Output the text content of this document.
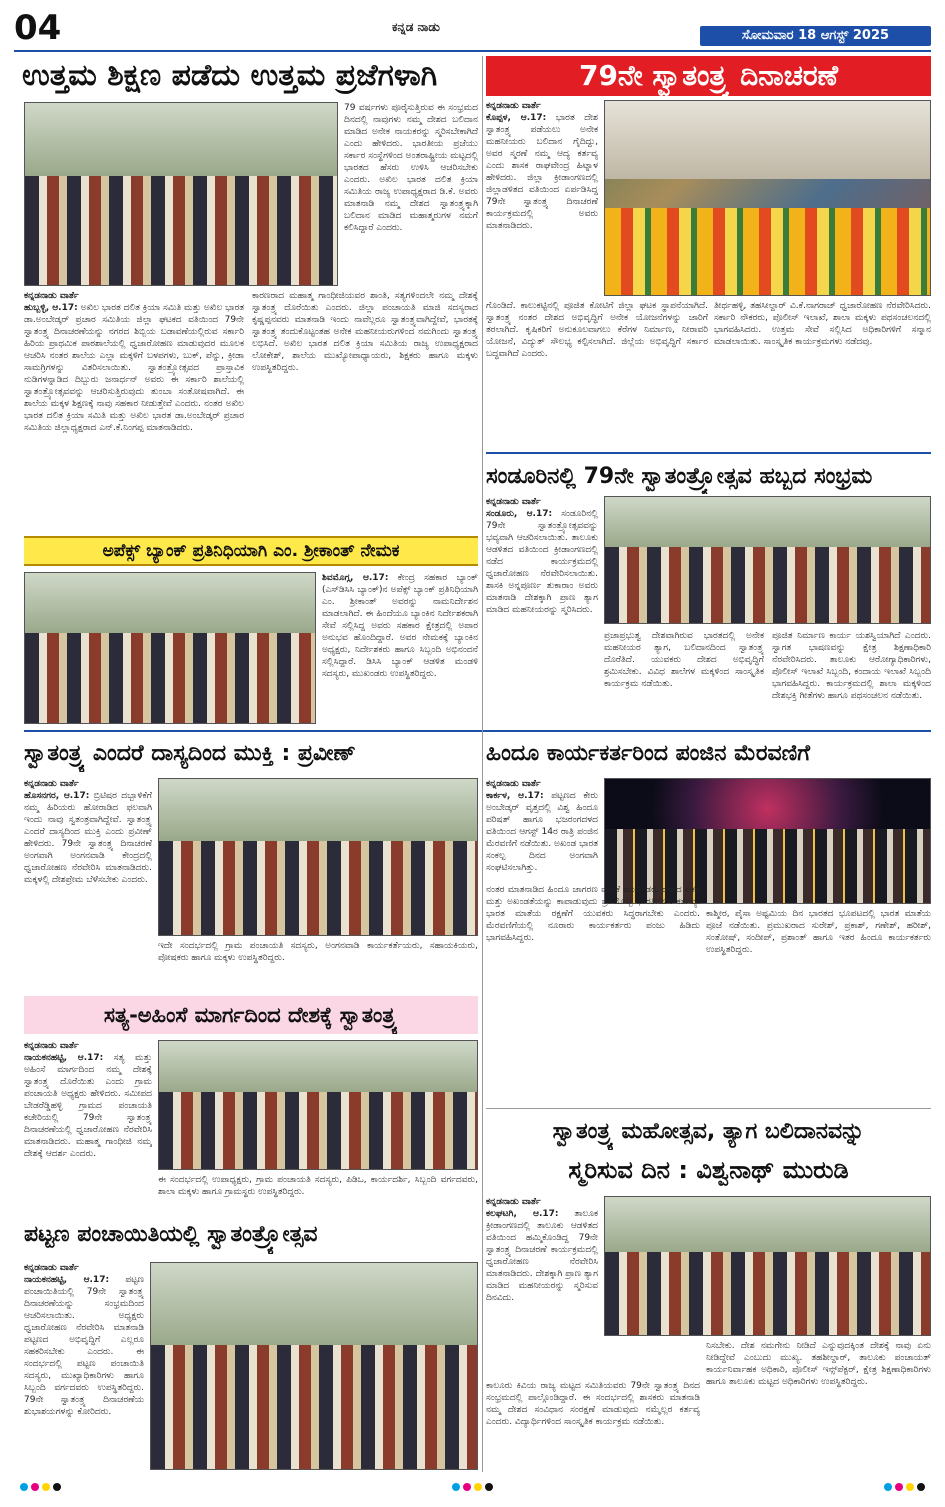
04	ಕನ್ನಡ ನಾಡು
ಸೋಮವಾರ 18 ಆಗಸ್ಟ್ 2025
ಉತ್ತಮ ಶಿಕ್ಷಣ ಪಡೆದು ಉತ್ತಮ ಪ್ರಜೆಗಳಾಗಿ
79 ವರ್ಷಗಳು ಪೂರೈಸುತ್ತಿರುವ ಈ ಸಂಭ್ರಮದ ದಿನದಲ್ಲಿ ನಾವುಗಳು ನಮ್ಮ ದೇಶದ ಬಲಿದಾನ ಮಾಡಿದ ಅನೇಕ ನಾಯಕರನ್ನು ಸ್ಮರಿಸಬೇಕಾಗಿದೆ ಎಂದು ಹೇಳಿದರು. ಭಾರತೀಯ ಪ್ರಜೆಯು ಸರ್ಕಾರ ಸಂಸ್ಥೆಗಳಿಂದ ಅಂತರಾಷ್ಟ್ರೀಯ ಮಟ್ಟದಲ್ಲಿ ಭಾರತದ ಹೆಸರು ಉಳಿಸಿ ಆಚರಿಸಬೇಕು ಎಂದರು. ಅಖಿಲ ಭಾರತ ದಲಿತ ಕ್ರಿಯಾ ಸಮಿತಿಯ ರಾಜ್ಯ ಉಪಾಧ್ಯಕ್ಷರಾದ ಡಿ.ಕೆ. ಅವರು ಮಾತನಾಡಿ ನಮ್ಮ ದೇಶದ ಸ್ವಾತಂತ್ರ್ಯಕ್ಕಾಗಿ ಬಲಿದಾನ ಮಾಡಿದ ಮಹಾತ್ಮರುಗಳ ನಮಗೆ ಕಲಿಸಿದ್ದಾರೆ ಎಂದರು.
ಕನ್ನಡನಾಡು ವಾರ್ತೆ
ಹುಬ್ಬಳ್ಳಿ, ಆ.17: ಅಖಿಲ ಭಾರತ ದಲಿತ ಕ್ರಿಯಾ ಸಮಿತಿ ಮತ್ತು ಅಖಿಲ ಭಾರತ ಡಾ.ಅಂಬೇಡ್ಕರ್ ಪ್ರಚಾರ ಸಮಿತಿಯ ಜಿಲ್ಲಾ ಘಟಕದ ವತಿಯಿಂದ 79ನೇ ಸ್ವಾತಂತ್ರ್ಯ ದಿನಾಚರಣೆಯನ್ನು ನಗರದ ಶಿಬ್ಬಿಯ ಬಡಾವಣೆಯಲ್ಲಿರುವ ಸರ್ಕಾರಿ ಹಿರಿಯ ಪ್ರಾಥಮಿಕ ಪಾಠಶಾಲೆಯಲ್ಲಿ ಧ್ವಜಾರೋಹಣ ಮಾಡುವುದರ ಮೂಲಕ ಆಚರಿಸಿ ನಂತರ ಶಾಲೆಯ ಎಲ್ಲಾ ಮಕ್ಕಳಿಗೆ ಬಳಪಗಳು, ಬುಕ್, ಪೆನ್ನು, ಕ್ರೀಡಾ ಸಾಮಗ್ರಿಗಳನ್ನು ವಿತರಿಸಲಾಯಿತು. ಸ್ವಾತಂತ್ರ್ಯೋತ್ಸವದ ಪ್ರಾಸ್ತಾವಿಕ ನುಡಿಗಳನ್ನಾಡಿದ ದಿಬ್ಬುರು ಜನಾರ್ಧನ್ ಅವರು ಈ ಸರ್ಕಾರಿ ಶಾಲೆಯಲ್ಲಿ ಸ್ವಾತಂತ್ರ್ಯೋತ್ಸವವನ್ನು ಆಚರಿಸುತ್ತಿರುವುದು ತುಂಬಾ ಸಂತೋಷವಾಗಿದೆ. ಈ ಶಾಲೆಯ ಮಕ್ಕಳ ಶಿಕ್ಷಣಕ್ಕೆ ನಾವು ಸಹಕಾರ ನೀಡುತ್ತೇವೆ ಎಂದರು. ನಂತರ ಅಖಿಲ ಭಾರತ ದಲಿತ ಕ್ರಿಯಾ ಸಮಿತಿ ಮತ್ತು ಅಖಿಲ ಭಾರತ ಡಾ.ಅಂಬೇಡ್ಕರ್ ಪ್ರಚಾರ ಸಮಿತಿಯ ಜಿಲ್ಲಾಧ್ಯಕ್ಷರಾದ ಎನ್.ಕೆ.ನಿಂಗಪ್ಪ ಮಾತನಾಡಿದರು.
ಕಾರಣರಾದ ಮಹಾತ್ಮ ಗಾಂಧೀಜಿಯವರ ಶಾಂತಿ, ಸತ್ಯಗಳಿಂದಲೇ ನಮ್ಮ ದೇಶಕ್ಕೆ ಸ್ವಾತಂತ್ರ್ಯ ದೊರೆಯಿತು ಎಂದರು. ಜಿಲ್ಲಾ ಪಂಚಾಯತಿ ಮಾಜಿ ಸದಸ್ಯರಾದ ಕೃಷ್ಣಪ್ಪನವರು ಮಾತನಾಡಿ ಇಂದು ನಾವೆಲ್ಲರೂ ಸ್ವಾತಂತ್ರ್ಯವಾಗಿದ್ದೇವೆ, ಭಾರತಕ್ಕೆ ಸ್ವಾತಂತ್ರ್ಯ ತಂದುಕೊಟ್ಟಂತಹ ಅನೇಕ ಮಹನೀಯರುಗಳಿಂದ ನಮಗಿಂದು ಸ್ವಾತಂತ್ರ್ಯ ಲಭಿಸಿದೆ. ಅಖಿಲ ಭಾರತ ದಲಿತ ಕ್ರಿಯಾ ಸಮಿತಿಯ ರಾಜ್ಯ ಉಪಾಧ್ಯಕ್ಷರಾದ ಲೋಕೇಶ್, ಶಾಲೆಯ ಮುಖ್ಯೋಪಾಧ್ಯಾಯರು, ಶಿಕ್ಷಕರು ಹಾಗೂ ಮಕ್ಕಳು ಉಪಸ್ಥಿತರಿದ್ದರು.
79ನೇ ಸ್ವಾತಂತ್ರ್ಯ ದಿನಾಚರಣೆ
ಕನ್ನಡನಾಡು ವಾರ್ತೆ
ಕೊಪ್ಪಳ, ಆ.17: ಭಾರತ ದೇಶ ಸ್ವಾತಂತ್ರ್ಯ ಪಡೆಯಲು ಅನೇಕ ಮಹನೀಯರು ಬಲಿದಾನ ಗೈದಿದ್ದು, ಅವರ ಸ್ಮರಣೆ ನಮ್ಮ ಆದ್ಯ ಕರ್ತವ್ಯ ಎಂದು ಶಾಸಕ ರಾಘವೇಂದ್ರ ಹಿಟ್ನಾಳ ಹೇಳಿದರು. ಜಿಲ್ಲಾ ಕ್ರೀಡಾಂಗಣದಲ್ಲಿ ಜಿಲ್ಲಾಡಳಿತದ ವತಿಯಿಂದ ಏರ್ಪಡಿಸಿದ್ದ 79ನೇ ಸ್ವಾತಂತ್ರ್ಯ ದಿನಾಚರಣೆ ಕಾರ್ಯಕ್ರಮದಲ್ಲಿ ಅವರು ಮಾತನಾಡಿದರು.
ಗೊಂಡಿದೆ. ಕಾಲುಕಟ್ಟಿನಲ್ಲಿ ಪೂಜಿತ ಕೋಟಿಗೆ ಜಿಲ್ಲಾ ಘಟಕ ಸ್ಥಾಪನೆಯಾಗಿದೆ. ಸ್ವಾತಂತ್ರ್ಯ ನಂತರ ದೇಶದ ಅಭಿವೃದ್ಧಿಗೆ ಅನೇಕ ಯೋಜನೆಗಳನ್ನು ಜಾರಿಗೆ ತರಲಾಗಿದೆ. ಕೃಷಿಕರಿಗೆ ಅನುಕೂಲವಾಗಲು ಕೆರೆಗಳ ನಿರ್ಮಾಣ, ನೀರಾವರಿ ಯೋಜನೆ, ವಿದ್ಯುತ್ ಸೌಲಭ್ಯ ಕಲ್ಪಿಸಲಾಗಿದೆ. ಜಿಲ್ಲೆಯ ಅಭಿವೃದ್ಧಿಗೆ ಸರ್ಕಾರ ಬದ್ಧವಾಗಿದೆ ಎಂದರು.
ತೀರ್ಥಹಳ್ಳಿ, ತಹಸೀಲ್ದಾರ್ ವಿ.ಕೆ.ನಾಗರಾಜ್ ಧ್ವಜಾರೋಹಣ ನೆರವೇರಿಸಿದರು. ಸರ್ಕಾರಿ ನೌಕರರು, ಪೊಲೀಸ್ ಇಲಾಖೆ, ಶಾಲಾ ಮಕ್ಕಳು ಪಥಸಂಚಲನದಲ್ಲಿ ಭಾಗವಹಿಸಿದರು. ಉತ್ತಮ ಸೇವೆ ಸಲ್ಲಿಸಿದ ಅಧಿಕಾರಿಗಳಿಗೆ ಸನ್ಮಾನ ಮಾಡಲಾಯಿತು. ಸಾಂಸ್ಕೃತಿಕ ಕಾರ್ಯಕ್ರಮಗಳು ನಡೆದವು.
ಸಂಡೂರಿನಲ್ಲಿ 79ನೇ ಸ್ವಾತಂತ್ರ್ಯೋತ್ಸವ ಹಬ್ಬದ ಸಂಭ್ರಮ
ಕನ್ನಡನಾಡು ವಾರ್ತೆ
ಸಂಡೂರು, ಆ.17: ಸಂಡೂರಿನಲ್ಲಿ 79ನೇ ಸ್ವಾತಂತ್ರ್ಯೋತ್ಸವವನ್ನು ಭವ್ಯವಾಗಿ ಆಚರಿಸಲಾಯಿತು. ತಾಲೂಕು ಆಡಳಿತದ ವತಿಯಿಂದ ಕ್ರೀಡಾಂಗಣದಲ್ಲಿ ನಡೆದ ಕಾರ್ಯಕ್ರಮದಲ್ಲಿ ಧ್ವಜಾರೋಹಣ ನೆರವೇರಿಸಲಾಯಿತು. ಶಾಸಕಿ ಅನ್ನಪೂರ್ಣ ತುಕಾರಾಂ ಅವರು ಮಾತನಾಡಿ ದೇಶಕ್ಕಾಗಿ ಪ್ರಾಣ ತ್ಯಾಗ ಮಾಡಿದ ಮಹನೀಯರನ್ನು ಸ್ಮರಿಸಿದರು.
ಪ್ರಜಾಪ್ರಭುತ್ವ ದೇಶವಾಗಿರುವ ಭಾರತದಲ್ಲಿ ಅನೇಕ ಮಹನೀಯರ ತ್ಯಾಗ, ಬಲಿದಾನದಿಂದ ಸ್ವಾತಂತ್ರ್ಯ ದೊರೆತಿದೆ. ಯುವಕರು ದೇಶದ ಅಭಿವೃದ್ಧಿಗೆ ಶ್ರಮಿಸಬೇಕು. ವಿವಿಧ ಶಾಲೆಗಳ ಮಕ್ಕಳಿಂದ ಸಾಂಸ್ಕೃತಿಕ ಕಾರ್ಯಕ್ರಮ ನಡೆಯಿತು.
ಪೂಜಿತ ನಿರ್ಮಾಣ ಕಾರ್ಯ ಯಶಸ್ವಿಯಾಗಿದೆ ಎಂದರು. ಸ್ವಾಗತ ಭಾಷಣವನ್ನು ಕ್ಷೇತ್ರ ಶಿಕ್ಷಣಾಧಿಕಾರಿ ನೆರವೇರಿಸಿದರು. ತಾಲೂಕು ಆರೋಗ್ಯಾಧಿಕಾರಿಗಳು, ಪೊಲೀಸ್ ಇಲಾಖೆ ಸಿಬ್ಬಂದಿ, ಕಂದಾಯ ಇಲಾಖೆ ಸಿಬ್ಬಂದಿ ಭಾಗವಹಿಸಿದ್ದರು. ಕಾರ್ಯಕ್ರಮದಲ್ಲಿ ಶಾಲಾ ಮಕ್ಕಳಿಂದ ದೇಶಭಕ್ತಿ ಗೀತೆಗಳು ಹಾಗೂ ಪಥಸಂಚಲನ ನಡೆಯಿತು.
ಅಪೆಕ್ಸ್ ಬ್ಯಾಂಕ್ ಪ್ರತಿನಿಧಿಯಾಗಿ ಎಂ. ಶ್ರೀಕಾಂತ್ ನೇಮಕ
ಶಿವಮೊಗ್ಗ, ಆ.17: ಕೇಂದ್ರ ಸಹಕಾರ ಬ್ಯಾಂಕ್ (ಎಸ್‌ಡಿಸಿಸಿ ಬ್ಯಾಂಕ್)ನ ಅಪೆಕ್ಸ್ ಬ್ಯಾಂಕ್ ಪ್ರತಿನಿಧಿಯಾಗಿ ಎಂ. ಶ್ರೀಕಾಂತ್ ಅವರನ್ನು ನಾಮನಿರ್ದೇಶನ ಮಾಡಲಾಗಿದೆ. ಈ ಹಿಂದೆಯೂ ಬ್ಯಾಂಕಿನ ನಿರ್ದೇಶಕರಾಗಿ ಸೇವೆ ಸಲ್ಲಿಸಿದ್ದ ಅವರು ಸಹಕಾರ ಕ್ಷೇತ್ರದಲ್ಲಿ ಅಪಾರ ಅನುಭವ ಹೊಂದಿದ್ದಾರೆ. ಅವರ ನೇಮಕಕ್ಕೆ ಬ್ಯಾಂಕಿನ ಅಧ್ಯಕ್ಷರು, ನಿರ್ದೇಶಕರು ಹಾಗೂ ಸಿಬ್ಬಂದಿ ಅಭಿನಂದನೆ ಸಲ್ಲಿಸಿದ್ದಾರೆ. ಡಿಸಿಸಿ ಬ್ಯಾಂಕ್ ಆಡಳಿತ ಮಂಡಳಿ ಸದಸ್ಯರು, ಮುಖಂಡರು ಉಪಸ್ಥಿತರಿದ್ದರು.
ಸ್ವಾತಂತ್ರ್ಯ ಎಂದರೆ ದಾಸ್ಯದಿಂದ ಮುಕ್ತಿ : ಪ್ರವೀಣ್
ಕನ್ನಡನಾಡು ವಾರ್ತೆ
ಹೊಸನಗರ, ಆ.17: ಬ್ರಿಟಿಷರ ದಬ್ಬಾಳಿಕೆಗೆ ನಮ್ಮ ಹಿರಿಯರು ಹೋರಾಡಿದ ಫಲವಾಗಿ ಇಂದು ನಾವು ಸ್ವತಂತ್ರವಾಗಿದ್ದೇವೆ. ಸ್ವಾತಂತ್ರ್ಯ ಎಂದರೆ ದಾಸ್ಯದಿಂದ ಮುಕ್ತಿ ಎಂದು ಪ್ರವೀಣ್ ಹೇಳಿದರು. 79ನೇ ಸ್ವಾತಂತ್ರ್ಯ ದಿನಾಚರಣೆ ಅಂಗವಾಗಿ ಅಂಗನವಾಡಿ ಕೇಂದ್ರದಲ್ಲಿ ಧ್ವಜಾರೋಹಣ ನೆರವೇರಿಸಿ ಮಾತನಾಡಿದರು. ಮಕ್ಕಳಲ್ಲಿ ದೇಶಪ್ರೇಮ ಬೆಳೆಸಬೇಕು ಎಂದರು.
ಇದೇ ಸಂದರ್ಭದಲ್ಲಿ ಗ್ರಾಮ ಪಂಚಾಯತಿ ಸದಸ್ಯರು, ಅಂಗನವಾಡಿ ಕಾರ್ಯಕರ್ತೆಯರು, ಸಹಾಯಕಿಯರು, ಪೋಷಕರು ಹಾಗೂ ಮಕ್ಕಳು ಉಪಸ್ಥಿತರಿದ್ದರು.
ಹಿಂದೂ ಕಾರ್ಯಕರ್ತರಿಂದ ಪಂಜಿನ ಮೆರವಣಿಗೆ
ಕನ್ನಡನಾಡು ವಾರ್ತೆ
ಕಾರ್ಕಳ, ಆ.17: ಪಟ್ಟಣದ ಕೇರು ಅಂಬೇಡ್ಕರ್ ವೃತ್ತದಲ್ಲಿ ವಿಶ್ವ ಹಿಂದೂ ಪರಿಷತ್ ಹಾಗೂ ಭಜರಂಗದಳದ ವತಿಯಿಂದ ಆಗಸ್ಟ್ 14ರ ರಾತ್ರಿ ಪಂಜಿನ ಮೆರವಣಿಗೆ ನಡೆಯಿತು. ಅಖಂಡ ಭಾರತ ಸಂಕಲ್ಪ ದಿನದ ಅಂಗವಾಗಿ ಸಂಘಟಿಸಲಾಗಿತ್ತು.
ನಂತರ ಮಾತನಾಡಿದ ಹಿಂದೂ ಜಾಗರಣ ವೇದಿಕೆ ಮುಖಂಡರು ದೇಶದ ಏಕತೆ ಮತ್ತು ಅಖಂಡತೆಯನ್ನು ಕಾಪಾಡುವುದು ಪ್ರತಿಯೊಬ್ಬ ಭಾರತೀಯನ ಕರ್ತವ್ಯ. ಭಾರತ ಮಾತೆಯ ರಕ್ಷಣೆಗೆ ಯುವಕರು ಸಿದ್ಧರಾಗಬೇಕು ಎಂದರು. ಮೆರವಣಿಗೆಯಲ್ಲಿ ನೂರಾರು ಕಾರ್ಯಕರ್ತರು ಪಂಜು ಹಿಡಿದು ಭಾಗವಹಿಸಿದ್ದರು.
ಕಾಶ್ಮೀರ, ಪೈಸಾ ಅಷ್ಟಮಿಯ ದಿನ ಭಾರತದ ಭೂಪಟದಲ್ಲಿ ಭಾರತ ಮಾತೆಯ ಪೂಜೆ ನಡೆಯಿತು. ಪ್ರಮುಖರಾದ ಸುರೇಶ್, ಪ್ರಕಾಶ್, ಗಣೇಶ್, ಹರೀಶ್, ಸಂತೋಷ್, ಸಂದೀಪ್, ಪ್ರಶಾಂತ್ ಹಾಗೂ ಇತರ ಹಿಂದೂ ಕಾರ್ಯಕರ್ತರು ಉಪಸ್ಥಿತರಿದ್ದರು.
ಸತ್ಯ-ಅಹಿಂಸೆ ಮಾರ್ಗದಿಂದ ದೇಶಕ್ಕೆ ಸ್ವಾತಂತ್ರ್ಯ
ಕನ್ನಡನಾಡು ವಾರ್ತೆ
ನಾಯಕನಹಟ್ಟಿ, ಆ.17: ಸತ್ಯ ಮತ್ತು ಅಹಿಂಸೆ ಮಾರ್ಗದಿಂದ ನಮ್ಮ ದೇಶಕ್ಕೆ ಸ್ವಾತಂತ್ರ್ಯ ದೊರೆಯಿತು ಎಂದು ಗ್ರಾಮ ಪಂಚಾಯತಿ ಅಧ್ಯಕ್ಷರು ಹೇಳಿದರು. ಸಮೀಪದ ಬೇಡರೆಡ್ಡಿಹಳ್ಳಿ ಗ್ರಾಮದ ಪಂಚಾಯತಿ ಕಚೇರಿಯಲ್ಲಿ 79ನೇ ಸ್ವಾತಂತ್ರ್ಯ ದಿನಾಚರಣೆಯಲ್ಲಿ ಧ್ವಜಾರೋಹಣ ನೆರವೇರಿಸಿ ಮಾತನಾಡಿದರು. ಮಹಾತ್ಮ ಗಾಂಧೀಜಿ ನಮ್ಮ ದೇಶಕ್ಕೆ ಆದರ್ಶ ಎಂದರು.
ಈ ಸಂದರ್ಭದಲ್ಲಿ ಉಪಾಧ್ಯಕ್ಷರು, ಗ್ರಾಮ ಪಂಚಾಯತಿ ಸದಸ್ಯರು, ಪಿಡಿಒ, ಕಾರ್ಯದರ್ಶಿ, ಸಿಬ್ಬಂದಿ ವರ್ಗದವರು, ಶಾಲಾ ಮಕ್ಕಳು ಹಾಗೂ ಗ್ರಾಮಸ್ಥರು ಉಪಸ್ಥಿತರಿದ್ದರು.
ಪಟ್ಟಣ ಪಂಚಾಯಿತಿಯಲ್ಲಿ ಸ್ವಾತಂತ್ರ್ಯೋತ್ಸವ
ಕನ್ನಡನಾಡು ವಾರ್ತೆ
ನಾಯಕನಹಟ್ಟಿ, ಆ.17: ಪಟ್ಟಣ ಪಂಚಾಯಿತಿಯಲ್ಲಿ 79ನೇ ಸ್ವಾತಂತ್ರ್ಯ ದಿನಾಚರಣೆಯನ್ನು ಸಂಭ್ರಮದಿಂದ ಆಚರಿಸಲಾಯಿತು. ಅಧ್ಯಕ್ಷರು ಧ್ವಜಾರೋಹಣ ನೆರವೇರಿಸಿ ಮಾತನಾಡಿ ಪಟ್ಟಣದ ಅಭಿವೃದ್ಧಿಗೆ ಎಲ್ಲರೂ ಸಹಕರಿಸಬೇಕು ಎಂದರು. ಈ ಸಂದರ್ಭದಲ್ಲಿ ಪಟ್ಟಣ ಪಂಚಾಯಿತಿ ಸದಸ್ಯರು, ಮುಖ್ಯಾಧಿಕಾರಿಗಳು ಹಾಗೂ ಸಿಬ್ಬಂದಿ ವರ್ಗದವರು ಉಪಸ್ಥಿತರಿದ್ದರು. 79ನೇ ಸ್ವಾತಂತ್ರ್ಯ ದಿನಾಚರಣೆಯ ಶುಭಾಶಯಗಳನ್ನು ಕೋರಿದರು.
ಸ್ವಾತಂತ್ರ್ಯ ಮಹೋತ್ಸವ, ತ್ಯಾಗ ಬಲಿದಾನವನ್ನು
ಸ್ಮರಿಸುವ ದಿನ : ವಿಶ್ವನಾಥ್ ಮುರುಡಿ
ಕನ್ನಡನಾಡು ವಾರ್ತೆ
ಕಲಘಟಗಿ, ಆ.17: ತಾಲೂಕ ಕ್ರೀಡಾಂಗಣದಲ್ಲಿ ತಾಲೂಕು ಆಡಳಿತದ ವತಿಯಿಂದ ಹಮ್ಮಿಕೊಂಡಿದ್ದ 79ನೇ ಸ್ವಾತಂತ್ರ್ಯ ದಿನಾಚರಣೆ ಕಾರ್ಯಕ್ರಮದಲ್ಲಿ ಧ್ವಜಾರೋಹಣ ನೆರವೇರಿಸಿ ಮಾತನಾಡಿದರು. ದೇಶಕ್ಕಾಗಿ ಪ್ರಾಣ ತ್ಯಾಗ ಮಾಡಿದ ಮಹನೀಯರನ್ನು ಸ್ಮರಿಸುವ ದಿನವಿದು.
ಕಾಲೂರು ಕಿವಿಯ ರಾಜ್ಯ ಮಟ್ಟದ ಸಮಿತಿಯವರು 79ನೇ ಸ್ವಾತಂತ್ರ್ಯ ದಿನದ ಸಂಭ್ರಮದಲ್ಲಿ ಪಾಲ್ಗೊಂಡಿದ್ದಾರೆ. ಈ ಸಂದರ್ಭದಲ್ಲಿ ಶಾಸಕರು ಮಾತನಾಡಿ ನಮ್ಮ ದೇಶದ ಸಂವಿಧಾನ ಸಂರಕ್ಷಣೆ ಮಾಡುವುದು ನಮ್ಮೆಲ್ಲರ ಕರ್ತವ್ಯ ಎಂದರು. ವಿದ್ಯಾರ್ಥಿಗಳಿಂದ ಸಾಂಸ್ಕೃತಿಕ ಕಾರ್ಯಕ್ರಮ ನಡೆಯಿತು.
ನಿಸಬೇಕು. ದೇಶ ನಮಗೇನು ನೀಡಿದೆ ಎನ್ನುವುದಕ್ಕಿಂತ ದೇಶಕ್ಕೆ ನಾವು ಏನು ನೀಡಿದ್ದೇವೆ ಎಂಬುದು ಮುಖ್ಯ. ತಹಶೀಲ್ದಾರ್, ತಾಲೂಕು ಪಂಚಾಯತ್ ಕಾರ್ಯನಿರ್ವಾಹಕ ಅಧಿಕಾರಿ, ಪೊಲೀಸ್ ಇನ್ಸ್‌ಪೆಕ್ಟರ್, ಕ್ಷೇತ್ರ ಶಿಕ್ಷಣಾಧಿಕಾರಿಗಳು ಹಾಗೂ ತಾಲೂಕು ಮಟ್ಟದ ಅಧಿಕಾರಿಗಳು ಉಪಸ್ಥಿತರಿದ್ದರು.
